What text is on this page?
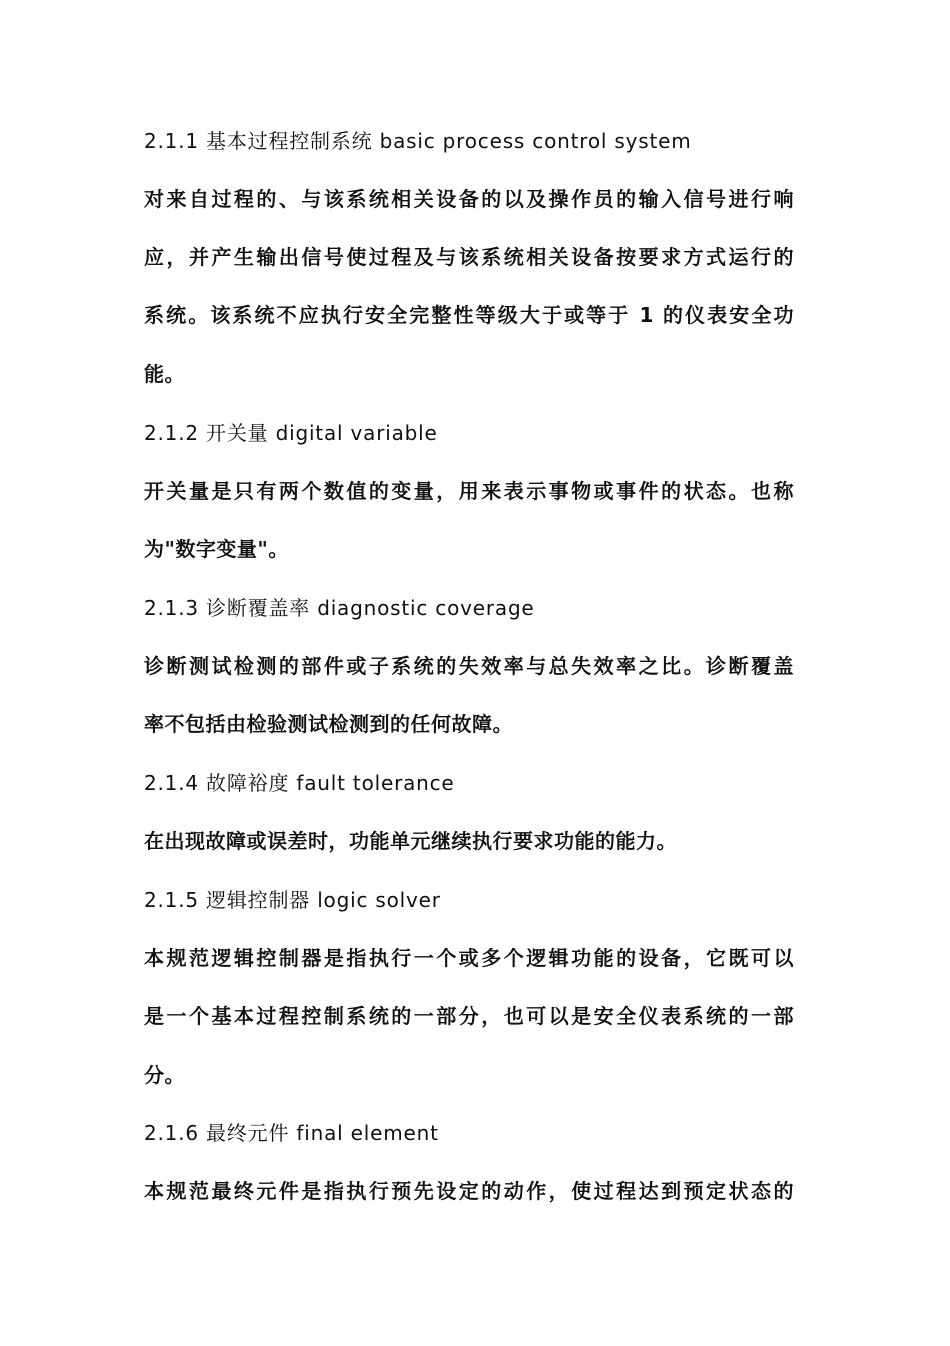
2.1.1 基本过程控制系统 basic process control system
对来自过程的、与该系统相关设备的以及操作员的输入信号进行响
应，并产生输出信号使过程及与该系统相关设备按要求方式运行的
系统。该系统不应执行安全完整性等级大于或等于 1 的仪表安全功
能。
2.1.2 开关量 digital variable
开关量是只有两个数值的变量，用来表示事物或事件的状态。也称
为"数字变量"。
2.1.3 诊断覆盖率 diagnostic coverage
诊断测试检测的部件或子系统的失效率与总失效率之比。诊断覆盖
率不包括由检验测试检测到的任何故障。
2.1.4 故障裕度 fault tolerance
在出现故障或误差时，功能单元继续执行要求功能的能力。
2.1.5 逻辑控制器 logic solver
本规范逻辑控制器是指执行一个或多个逻辑功能的设备，它既可以
是一个基本过程控制系统的一部分，也可以是安全仪表系统的一部
分。
2.1.6 最终元件 final element
本规范最终元件是指执行预先设定的动作，使过程达到预定状态的
